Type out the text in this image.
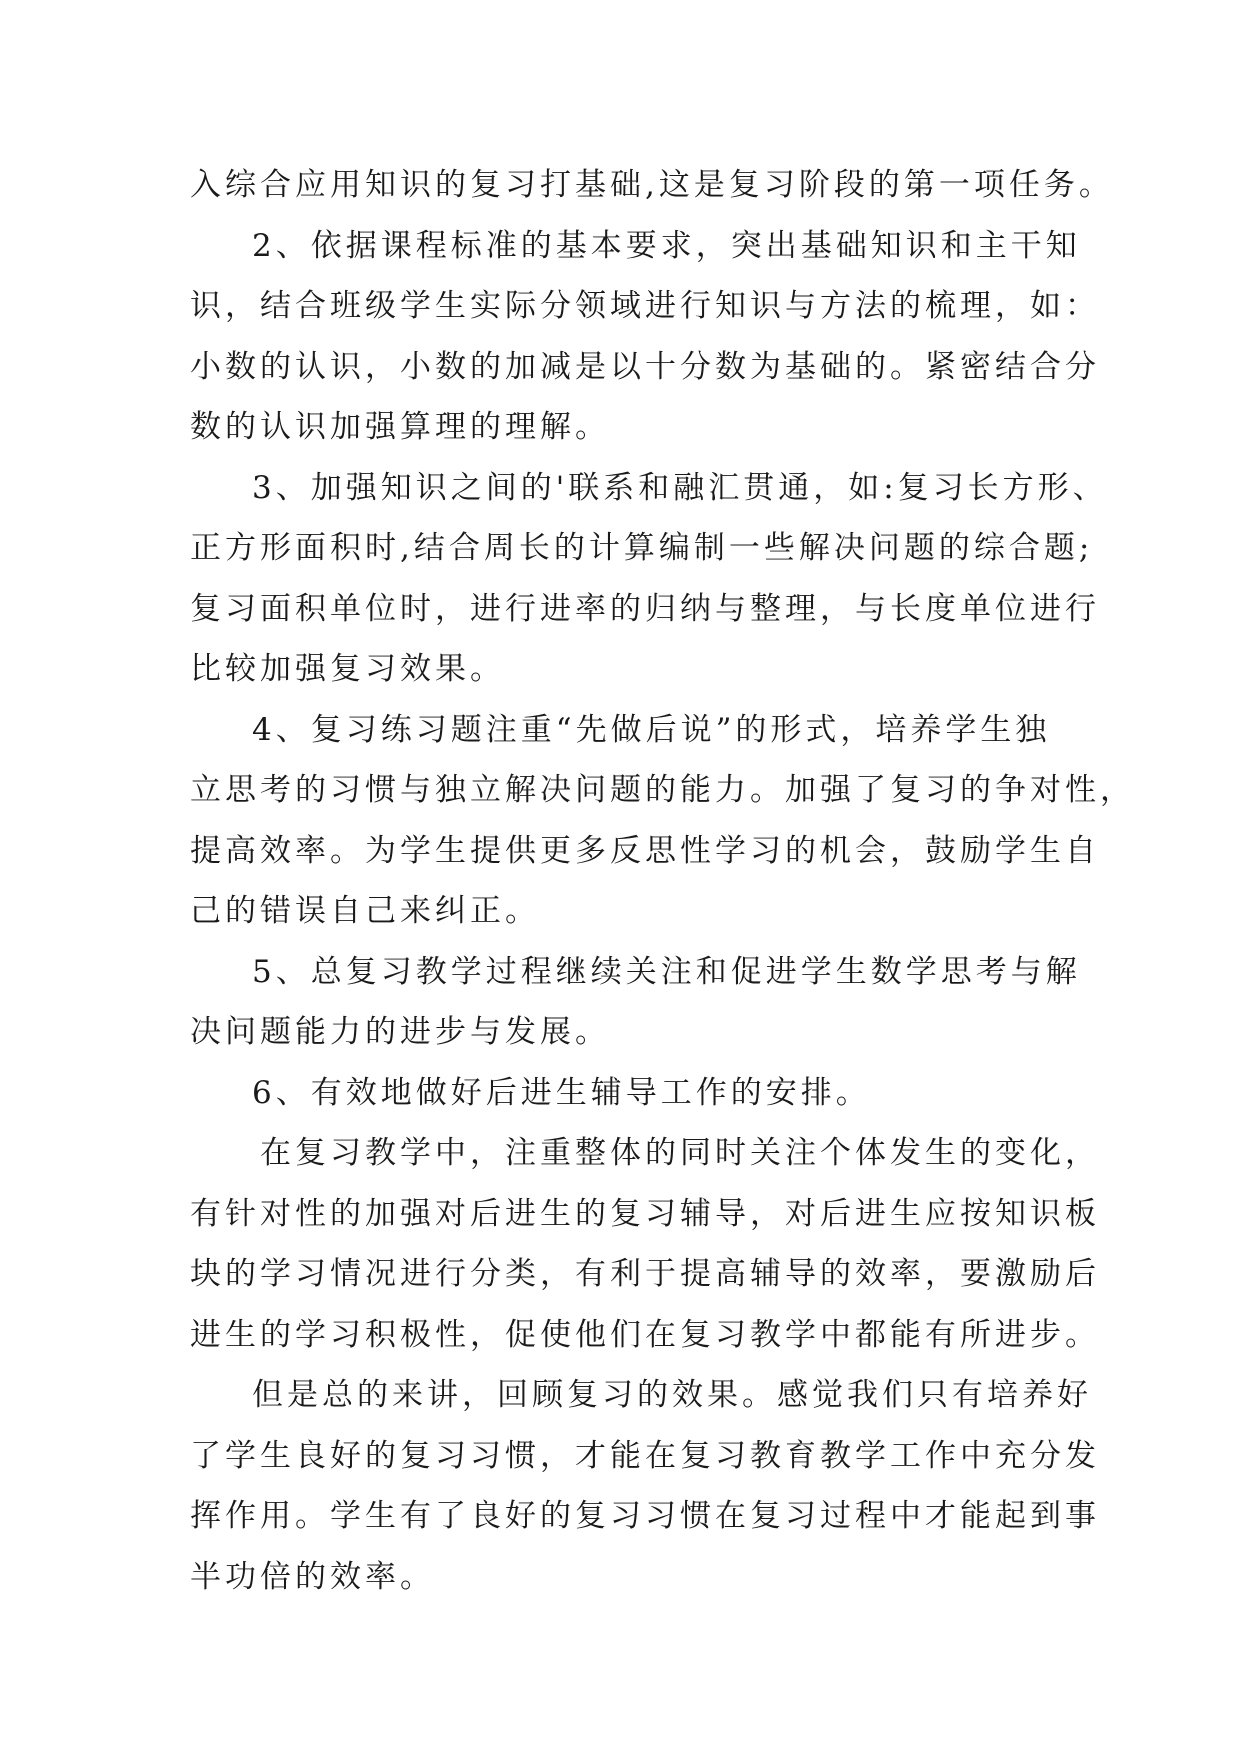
入综合应用知识的复习打基础,这是复习阶段的第一项任务。
2、依据课程标准的基本要求，突出基础知识和主干知
识，结合班级学生实际分领域进行知识与方法的梳理，如：
小数的认识，小数的加减是以十分数为基础的。紧密结合分
数的认识加强算理的理解。
3、加强知识之间的'联系和融汇贯通，如:复习长方形、
正方形面积时,结合周长的计算编制一些解决问题的综合题;
复习面积单位时，进行进率的归纳与整理，与长度单位进行
比较加强复习效果。
4、复习练习题注重“先做后说”的形式，培养学生独
立思考的习惯与独立解决问题的能力。加强了复习的争对性，
提高效率。为学生提供更多反思性学习的机会，鼓励学生自
己的错误自己来纠正。
5、总复习教学过程继续关注和促进学生数学思考与解
决问题能力的进步与发展。
6、有效地做好后进生辅导工作的安排。
在复习教学中，注重整体的同时关注个体发生的变化，
有针对性的加强对后进生的复习辅导，对后进生应按知识板
块的学习情况进行分类，有利于提高辅导的效率，要激励后
进生的学习积极性，促使他们在复习教学中都能有所进步。
但是总的来讲，回顾复习的效果。感觉我们只有培养好
了学生良好的复习习惯，才能在复习教育教学工作中充分发
挥作用。学生有了良好的复习习惯在复习过程中才能起到事
半功倍的效率。
